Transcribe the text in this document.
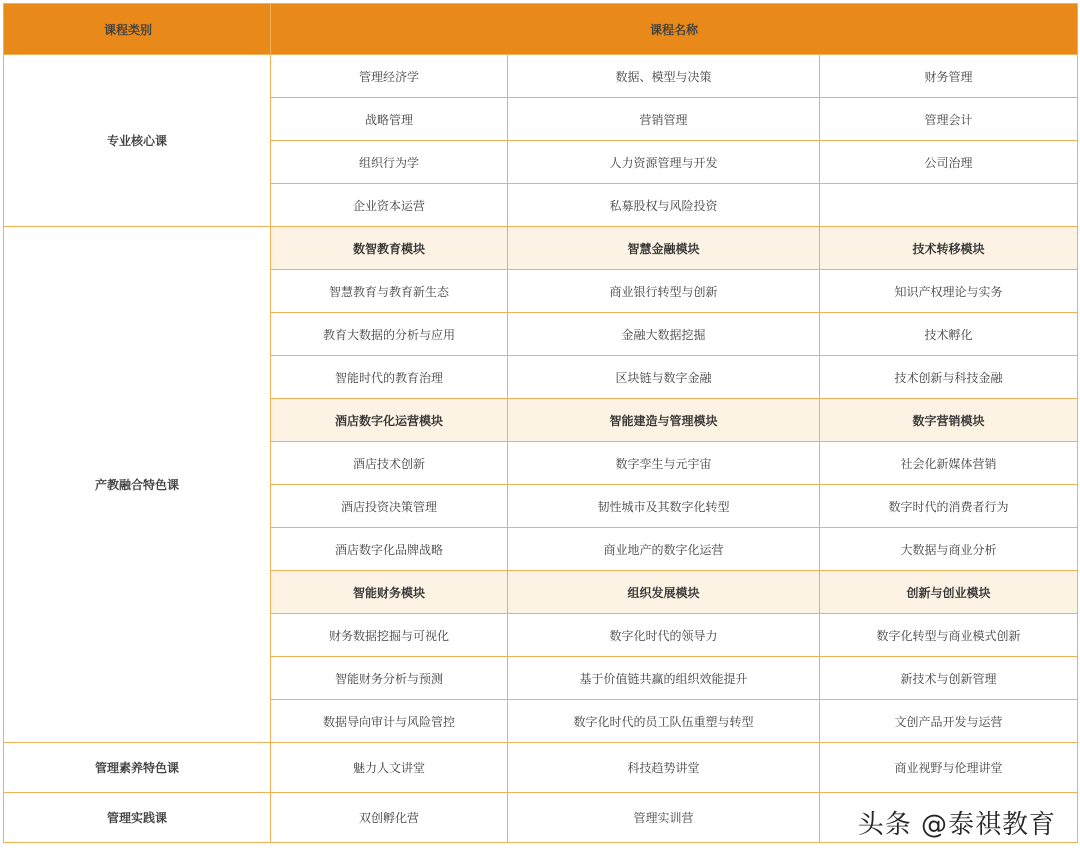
课程类别	课程名称		
专业核心课	管理经济学	数据、模型与决策	财务管理
	战略管理	营销管理	管理会计
	组织行为学	人力资源管理与开发	公司治理
	企业资本运营	私募股权与风险投资	
产教融合特色课	数智教育模块	智慧金融模块	技术转移模块
	智慧教育与教育新生态	商业银行转型与创新	知识产权理论与实务
	教育大数据的分析与应用	金融大数据挖掘	技术孵化
	智能时代的教育治理	区块链与数字金融	技术创新与科技金融
	酒店数字化运营模块	智能建造与管理模块	数字营销模块
	酒店技术创新	数字孪生与元宇宙	社会化新媒体营销
	酒店投资决策管理	韧性城市及其数字化转型	数字时代的消费者行为
	酒店数字化品牌战略	商业地产的数字化运营	大数据与商业分析
	智能财务模块	组织发展模块	创新与创业模块
	财务数据挖掘与可视化	数字化时代的领导力	数字化转型与商业模式创新
	智能财务分析与预测	基于价值链共赢的组织效能提升	新技术与创新管理
	数据导向审计与风险管控	数字化时代的员工队伍重塑与转型	文创产品开发与运营
管理素养特色课	魅力人文讲堂	科技趋势讲堂	商业视野与伦理讲堂
管理实践课	双创孵化营	管理实训营		头条 @泰祺教育
